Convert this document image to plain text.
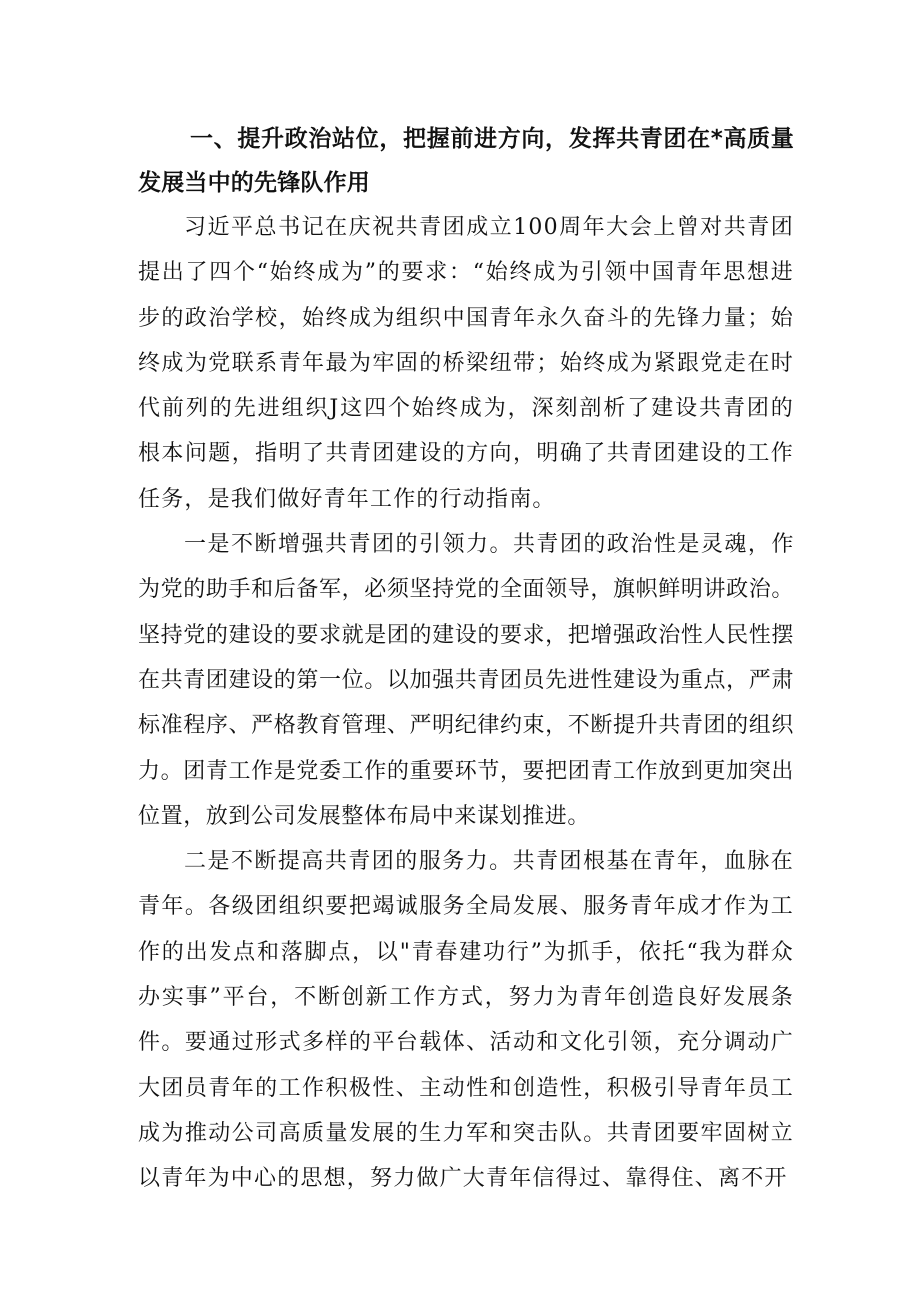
一、提升政治站位，把握前进方向，发挥共青团在*高质量发展当中的先锋队作用

习近平总书记在庆祝共青团成立100周年大会上曾对共青团提出了四个“始终成为”的要求：“始终成为引领中国青年思想进步的政治学校，始终成为组织中国青年永久奋斗的先锋力量；始终成为党联系青年最为牢固的桥梁纽带；始终成为紧跟党走在时代前列的先进组织J这四个始终成为，深刻剖析了建设共青团的根本问题，指明了共青团建设的方向，明确了共青团建设的工作任务，是我们做好青年工作的行动指南。

一是不断增强共青团的引领力。共青团的政治性是灵魂，作为党的助手和后备军，必须坚持党的全面领导，旗帜鲜明讲政治。坚持党的建设的要求就是团的建设的要求，把增强政治性人民性摆在共青团建设的第一位。以加强共青团员先进性建设为重点，严肃标准程序、严格教育管理、严明纪律约束，不断提升共青团的组织力。团青工作是党委工作的重要环节，要把团青工作放到更加突出位置，放到公司发展整体布局中来谋划推进。

二是不断提高共青团的服务力。共青团根基在青年，血脉在青年。各级团组织要把竭诚服务全局发展、服务青年成才作为工作的出发点和落脚点，以"青春建功行”为抓手，依托“我为群众办实事”平台，不断创新工作方式，努力为青年创造良好发展条件。要通过形式多样的平台载体、活动和文化引领，充分调动广大团员青年的工作积极性、主动性和创造性，积极引导青年员工成为推动公司高质量发展的生力军和突击队。共青团要牢固树立以青年为中心的思想，努力做广大青年信得过、靠得住、离不开
